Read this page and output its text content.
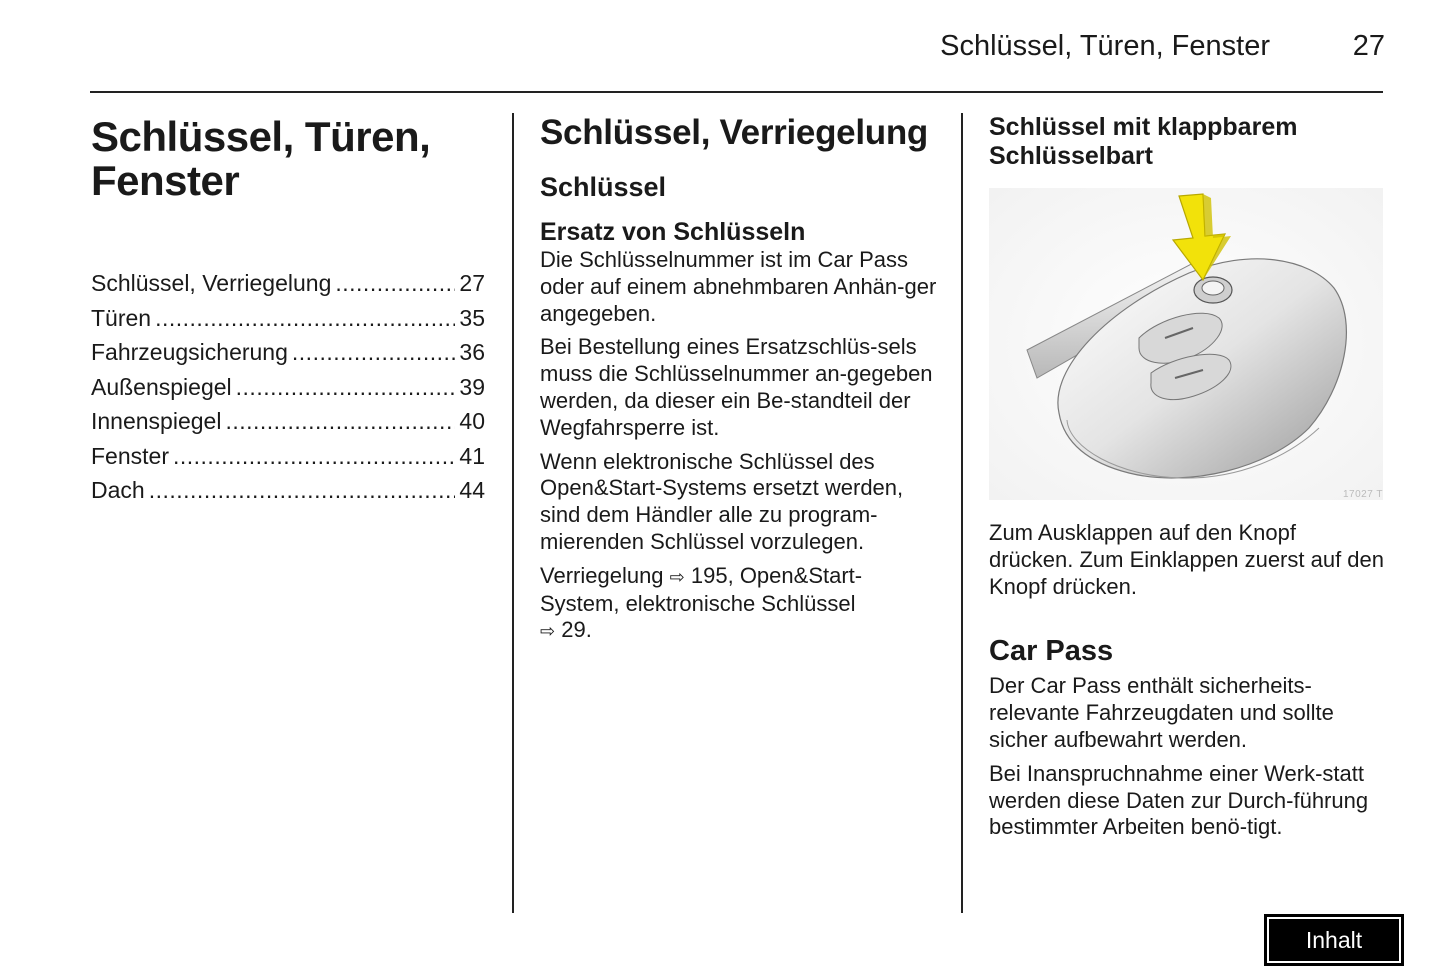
Schlüssel, Türen, Fenster	27
Schlüssel, Türen, Fenster
Schlüssel, Verriegelung .....	27
Türen .....	35
Fahrzeugsicherung .....	36
Außenspiegel .....	39
Innenspiegel .....	40
Fenster .....	41
Dach .....	44
Schlüssel, Verriegelung
Schlüssel
Ersatz von Schlüsseln

Die Schlüsselnummer ist im Car Pass oder auf einem abnehmbaren Anhän-ger angegeben.

Bei Bestellung eines Ersatzschlüs-sels muss die Schlüsselnummer an-gegeben werden, da dieser ein Be-standteil der Wegfahrsperre ist.

Wenn elektronische Schlüssel des Open&Start-Systems ersetzt werden, sind dem Händler alle zu program-mierenden Schlüssel vorzulegen.

Verriegelung ⇨ 195, Open&Start-System, elektronische Schlüssel
⇨ 29.

Schlüssel mit klappbarem Schlüsselbart
17027 T

Zum Ausklappen auf den Knopf drücken. Zum Einklappen zuerst auf den Knopf drücken.

Car Pass

Der Car Pass enthält sicherheits-relevante Fahrzeugdaten und sollte sicher aufbewahrt werden.

Bei Inanspruchnahme einer Werk-statt werden diese Daten zur Durch-führung bestimmter Arbeiten benö-tigt.

Inhalt
